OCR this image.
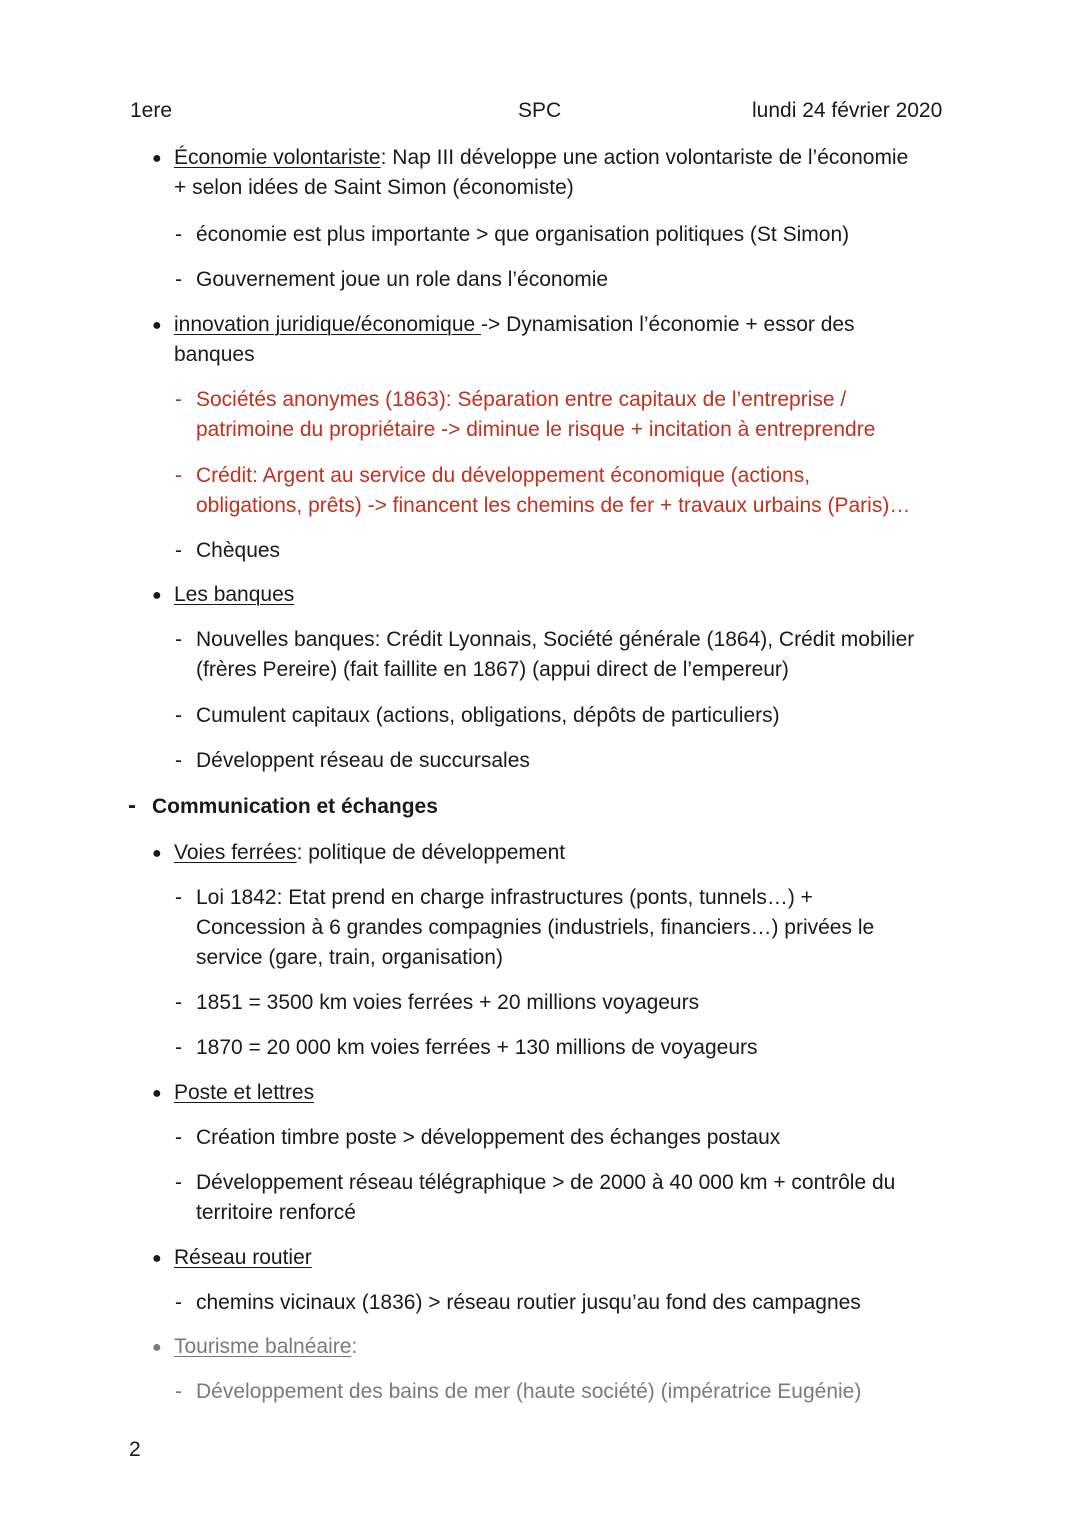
1ere	SPC	lundi 24 février 2020
● Économie volontariste: Nap III développe une action volontariste de l’économie
+ selon idées de Saint Simon (économiste)
- économie est plus importante > que organisation politiques (St Simon)
- Gouvernement joue un role dans l’économie
● innovation juridique/économique -> Dynamisation l’économie + essor des
banques
- Sociétés anonymes (1863): Séparation entre capitaux de l’entreprise /
patrimoine du propriétaire -> diminue le risque + incitation à entreprendre
- Crédit: Argent au service du développement économique (actions,
obligations, prêts) -> financent les chemins de fer + travaux urbains (Paris)…
- Chèques
● Les banques
- Nouvelles banques: Crédit Lyonnais, Société générale (1864), Crédit mobilier
(frères Pereire) (fait faillite en 1867) (appui direct de l’empereur)
- Cumulent capitaux (actions, obligations, dépôts de particuliers)
- Développent réseau de succursales
- Communication et échanges
● Voies ferrées: politique de développement
- Loi 1842: Etat prend en charge infrastructures (ponts, tunnels…) +
Concession à 6 grandes compagnies (industriels, financiers…) privées le
service (gare, train, organisation)
- 1851 = 3500 km voies ferrées + 20 millions voyageurs
- 1870 = 20 000 km voies ferrées + 130 millions de voyageurs
● Poste et lettres
- Création timbre poste > développement des échanges postaux
- Développement réseau télégraphique > de 2000 à 40 000 km + contrôle du
territoire renforcé
● Réseau routier
- chemins vicinaux (1836) > réseau routier jusqu’au fond des campagnes
● Tourisme balnéaire:
- Développement des bains de mer (haute société) (impératrice Eugénie)
2
